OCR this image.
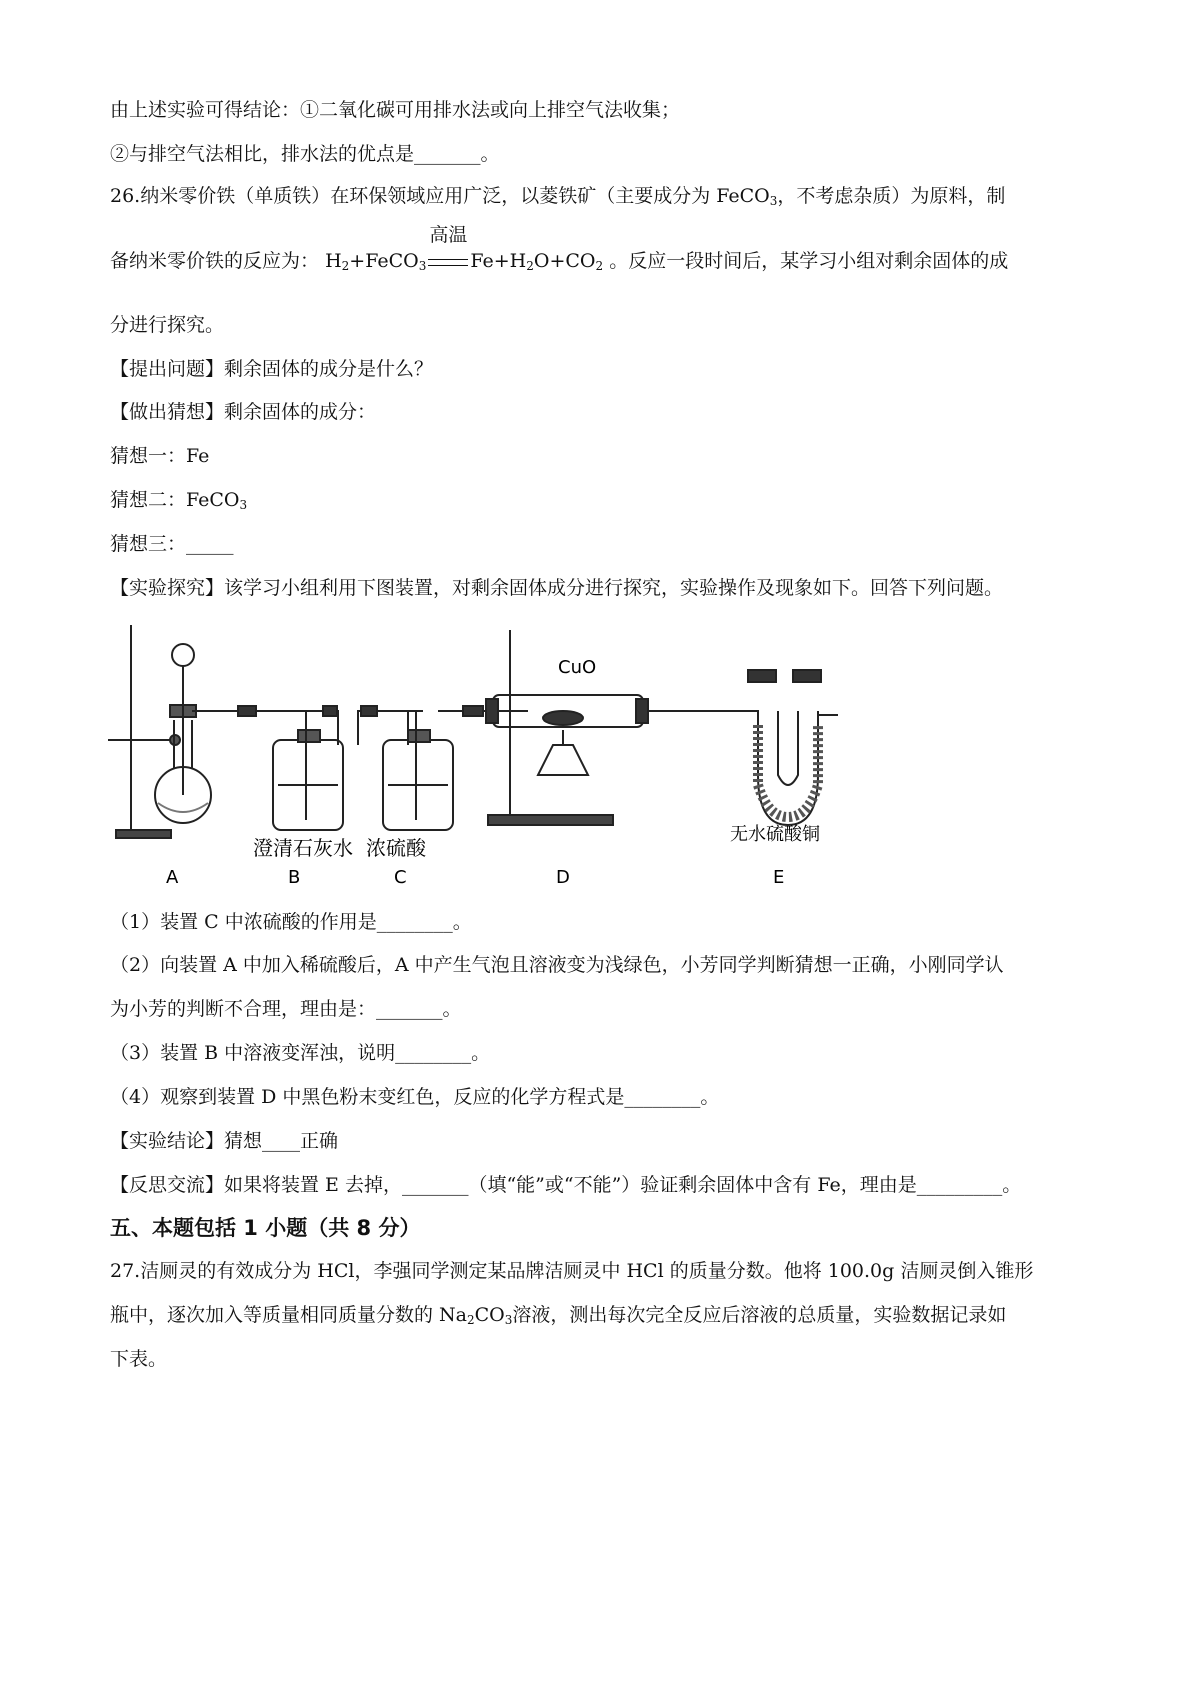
由上述实验可得结论：①二氧化碳可用排水法或向上排空气法收集；
②与排空气法相比，排水法的优点是_______。
26.纳米零价铁（单质铁）在环保领域应用广泛，以菱铁矿（主要成分为 FeCO$_3$，不考虑杂质）为原料，制
备纳米零价铁的反应为： $H_2+FeCO_3$
高温
$Fe+H_2O+CO_2$ 。反应一段时间后，某学习小组对剩余固体的成
分进行探究。
【提出问题】剩余固体的成分是什么？
【做出猜想】剩余固体的成分：
猜想一：Fe
猜想二：FeCO$_3$
猜想三：_____
【实验探究】该学习小组利用下图装置，对剩余固体成分进行探究，实验操作及现象如下。回答下列问题。
CuO
澄清石灰水 浓硫酸
无水硫酸铜
A	B	C	D	E
（1）装置 C 中浓硫酸的作用是________。
（2）向装置 A 中加入稀硫酸后，A 中产生气泡且溶液变为浅绿色，小芳同学判断猜想一正确，小刚同学认
为小芳的判断不合理，理由是：_______。
（3）装置 B 中溶液变浑浊，说明________。
（4）观察到装置 D 中黑色粉末变红色，反应的化学方程式是________。
【实验结论】猜想____正确
【反思交流】如果将装置 E 去掉，_______（填“能”或“不能”）验证剩余固体中含有 Fe，理由是_________。
五、本题包括 1 小题（共 8 分）
27.洁厕灵的有效成分为 HCl，李强同学测定某品牌洁厕灵中 HCl 的质量分数。他将 100.0g 洁厕灵倒入锥形
瓶中，逐次加入等质量相同质量分数的 $Na_2CO_3$溶液，测出每次完全反应后溶液的总质量，实验数据记录如
下表。
